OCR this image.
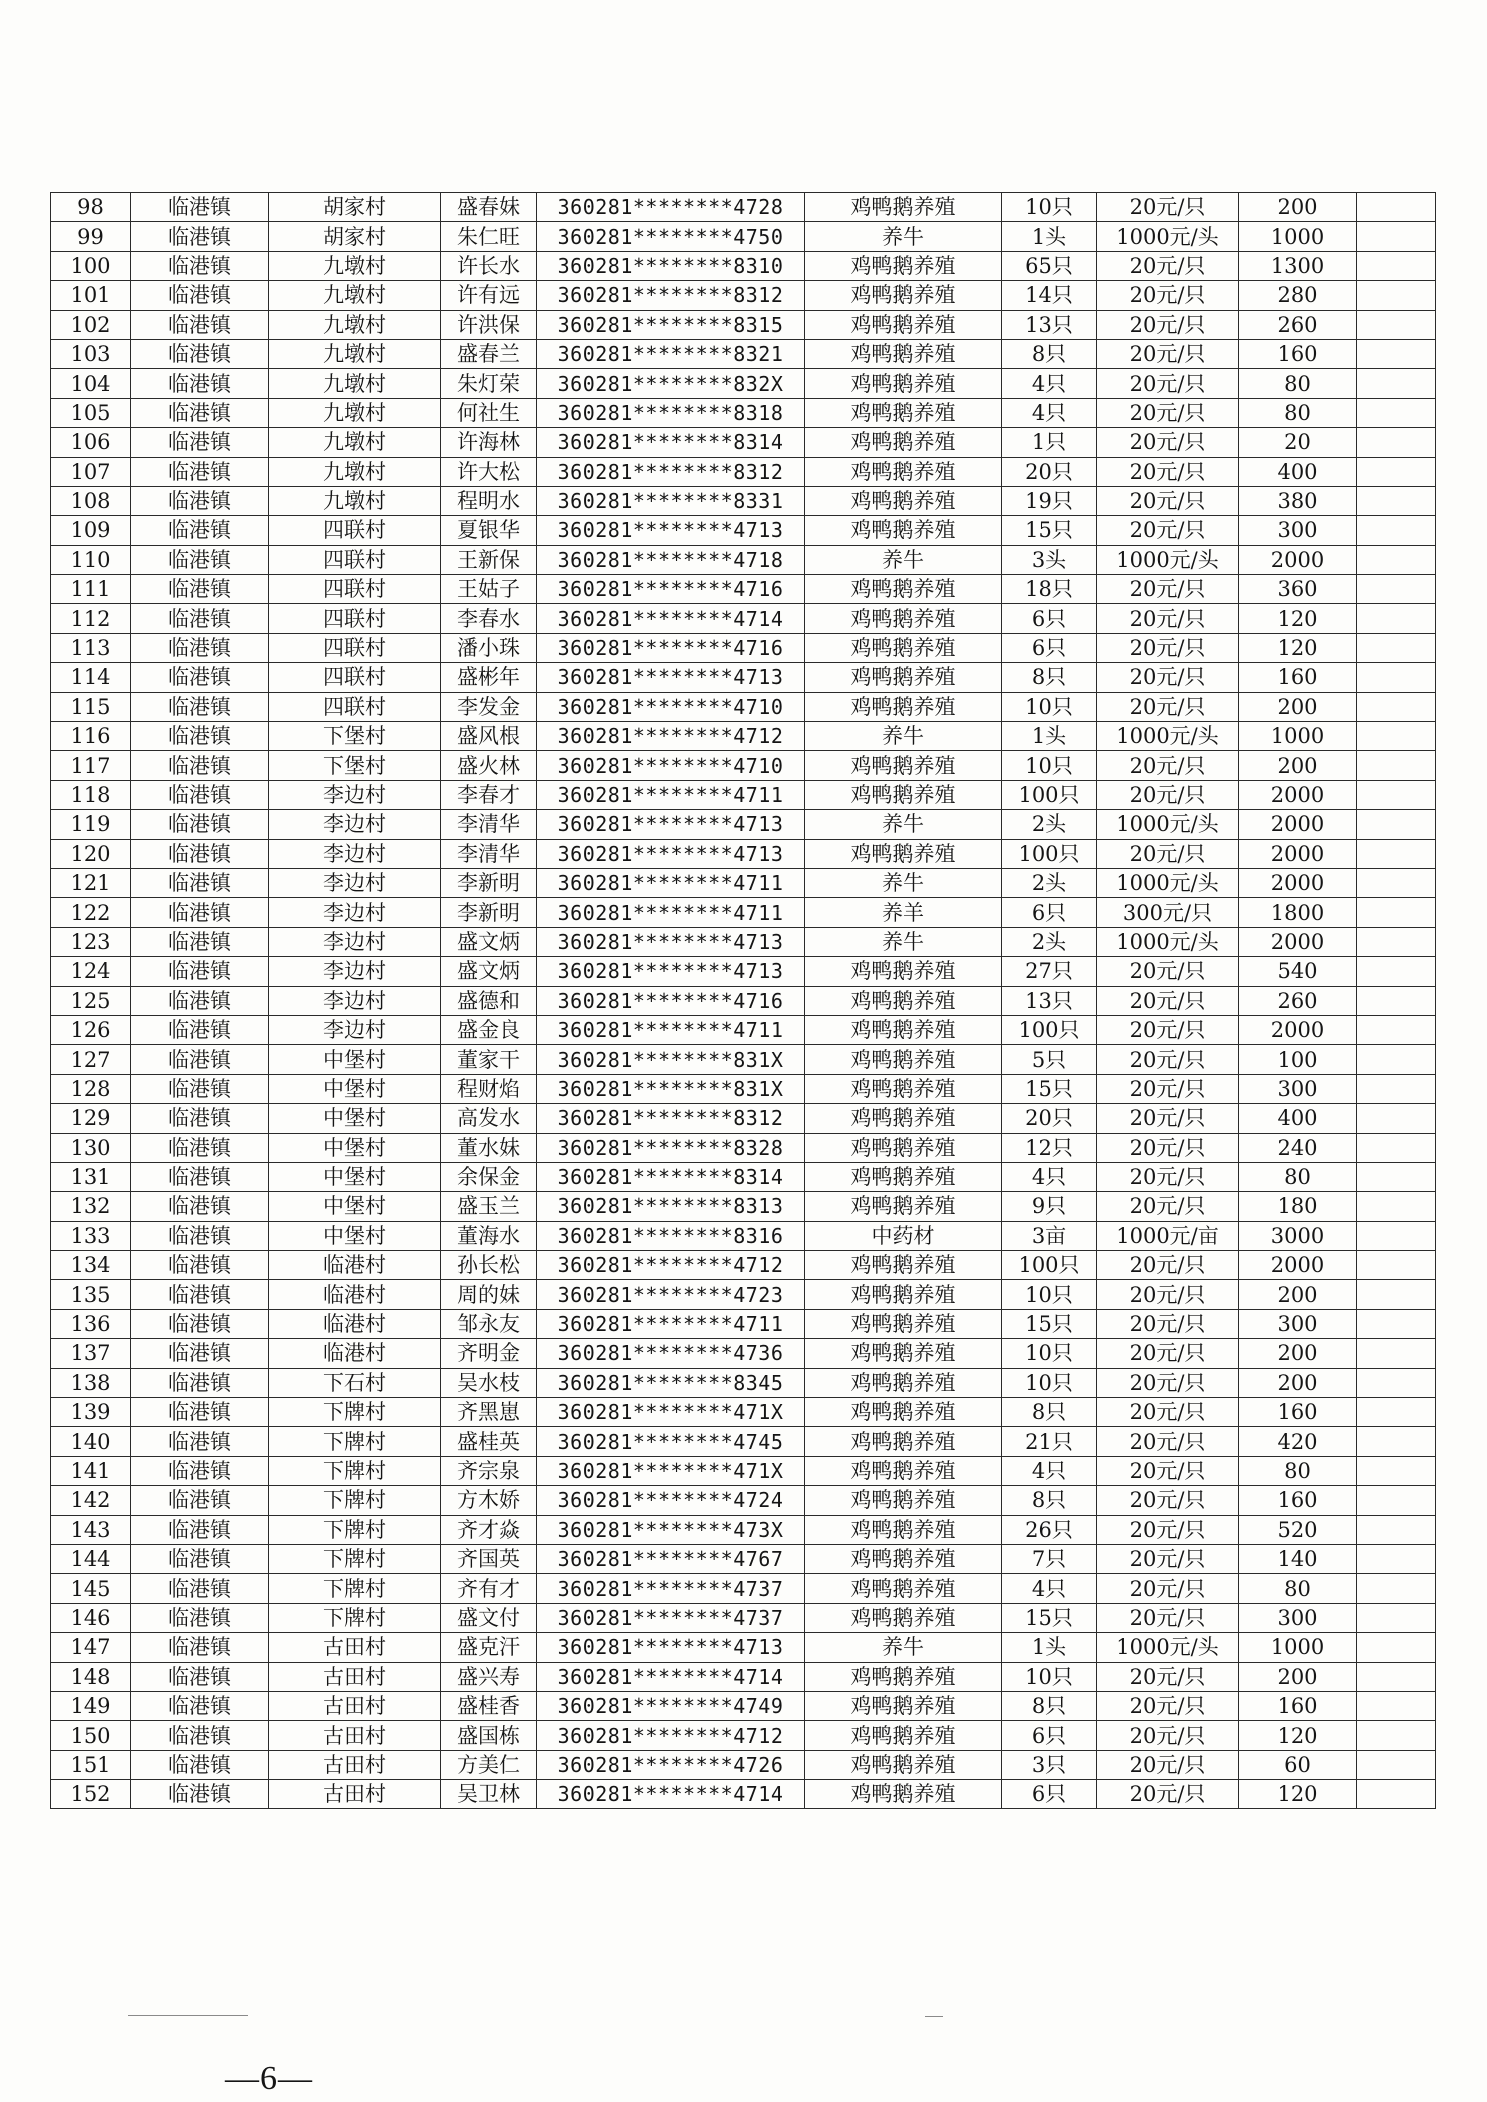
98	临港镇	胡家村	盛春妹	360281********4728	鸡鸭鹅养殖	10只	20元/只	200	
99	临港镇	胡家村	朱仁旺	360281********4750	养牛	1头	1000元/头	1000	
100	临港镇	九墩村	许长水	360281********8310	鸡鸭鹅养殖	65只	20元/只	1300	
101	临港镇	九墩村	许有远	360281********8312	鸡鸭鹅养殖	14只	20元/只	280	
102	临港镇	九墩村	许洪保	360281********8315	鸡鸭鹅养殖	13只	20元/只	260	
103	临港镇	九墩村	盛春兰	360281********8321	鸡鸭鹅养殖	8只	20元/只	160	
104	临港镇	九墩村	朱灯荣	360281********832X	鸡鸭鹅养殖	4只	20元/只	80	
105	临港镇	九墩村	何社生	360281********8318	鸡鸭鹅养殖	4只	20元/只	80	
106	临港镇	九墩村	许海林	360281********8314	鸡鸭鹅养殖	1只	20元/只	20	
107	临港镇	九墩村	许大松	360281********8312	鸡鸭鹅养殖	20只	20元/只	400	
108	临港镇	九墩村	程明水	360281********8331	鸡鸭鹅养殖	19只	20元/只	380	
109	临港镇	四联村	夏银华	360281********4713	鸡鸭鹅养殖	15只	20元/只	300	
110	临港镇	四联村	王新保	360281********4718	养牛	3头	1000元/头	2000	
111	临港镇	四联村	王姑子	360281********4716	鸡鸭鹅养殖	18只	20元/只	360	
112	临港镇	四联村	李春水	360281********4714	鸡鸭鹅养殖	6只	20元/只	120	
113	临港镇	四联村	潘小珠	360281********4716	鸡鸭鹅养殖	6只	20元/只	120	
114	临港镇	四联村	盛彬年	360281********4713	鸡鸭鹅养殖	8只	20元/只	160	
115	临港镇	四联村	李发金	360281********4710	鸡鸭鹅养殖	10只	20元/只	200	
116	临港镇	下堡村	盛风根	360281********4712	养牛	1头	1000元/头	1000	
117	临港镇	下堡村	盛火林	360281********4710	鸡鸭鹅养殖	10只	20元/只	200	
118	临港镇	李边村	李春才	360281********4711	鸡鸭鹅养殖	100只	20元/只	2000	
119	临港镇	李边村	李清华	360281********4713	养牛	2头	1000元/头	2000	
120	临港镇	李边村	李清华	360281********4713	鸡鸭鹅养殖	100只	20元/只	2000	
121	临港镇	李边村	李新明	360281********4711	养牛	2头	1000元/头	2000	
122	临港镇	李边村	李新明	360281********4711	养羊	6只	300元/只	1800	
123	临港镇	李边村	盛文炳	360281********4713	养牛	2头	1000元/头	2000	
124	临港镇	李边村	盛文炳	360281********4713	鸡鸭鹅养殖	27只	20元/只	540	
125	临港镇	李边村	盛德和	360281********4716	鸡鸭鹅养殖	13只	20元/只	260	
126	临港镇	李边村	盛金良	360281********4711	鸡鸭鹅养殖	100只	20元/只	2000	
127	临港镇	中堡村	董家干	360281********831X	鸡鸭鹅养殖	5只	20元/只	100	
128	临港镇	中堡村	程财焰	360281********831X	鸡鸭鹅养殖	15只	20元/只	300	
129	临港镇	中堡村	高发水	360281********8312	鸡鸭鹅养殖	20只	20元/只	400	
130	临港镇	中堡村	董水妹	360281********8328	鸡鸭鹅养殖	12只	20元/只	240	
131	临港镇	中堡村	余保金	360281********8314	鸡鸭鹅养殖	4只	20元/只	80	
132	临港镇	中堡村	盛玉兰	360281********8313	鸡鸭鹅养殖	9只	20元/只	180	
133	临港镇	中堡村	董海水	360281********8316	中药材	3亩	1000元/亩	3000	
134	临港镇	临港村	孙长松	360281********4712	鸡鸭鹅养殖	100只	20元/只	2000	
135	临港镇	临港村	周的妹	360281********4723	鸡鸭鹅养殖	10只	20元/只	200	
136	临港镇	临港村	邹永友	360281********4711	鸡鸭鹅养殖	15只	20元/只	300	
137	临港镇	临港村	齐明金	360281********4736	鸡鸭鹅养殖	10只	20元/只	200	
138	临港镇	下石村	吴水枝	360281********8345	鸡鸭鹅养殖	10只	20元/只	200	
139	临港镇	下牌村	齐黑崽	360281********471X	鸡鸭鹅养殖	8只	20元/只	160	
140	临港镇	下牌村	盛桂英	360281********4745	鸡鸭鹅养殖	21只	20元/只	420	
141	临港镇	下牌村	齐宗泉	360281********471X	鸡鸭鹅养殖	4只	20元/只	80	
142	临港镇	下牌村	方木娇	360281********4724	鸡鸭鹅养殖	8只	20元/只	160	
143	临港镇	下牌村	齐才焱	360281********473X	鸡鸭鹅养殖	26只	20元/只	520	
144	临港镇	下牌村	齐国英	360281********4767	鸡鸭鹅养殖	7只	20元/只	140	
145	临港镇	下牌村	齐有才	360281********4737	鸡鸭鹅养殖	4只	20元/只	80	
146	临港镇	下牌村	盛文付	360281********4737	鸡鸭鹅养殖	15只	20元/只	300	
147	临港镇	古田村	盛克汗	360281********4713	养牛	1头	1000元/头	1000	
148	临港镇	古田村	盛兴寿	360281********4714	鸡鸭鹅养殖	10只	20元/只	200	
149	临港镇	古田村	盛桂香	360281********4749	鸡鸭鹅养殖	8只	20元/只	160	
150	临港镇	古田村	盛国栋	360281********4712	鸡鸭鹅养殖	6只	20元/只	120	
151	临港镇	古田村	方美仁	360281********4726	鸡鸭鹅养殖	3只	20元/只	60	
152	临港镇	古田村	吴卫林	360281********4714	鸡鸭鹅养殖	6只	20元/只	120	
—6—
